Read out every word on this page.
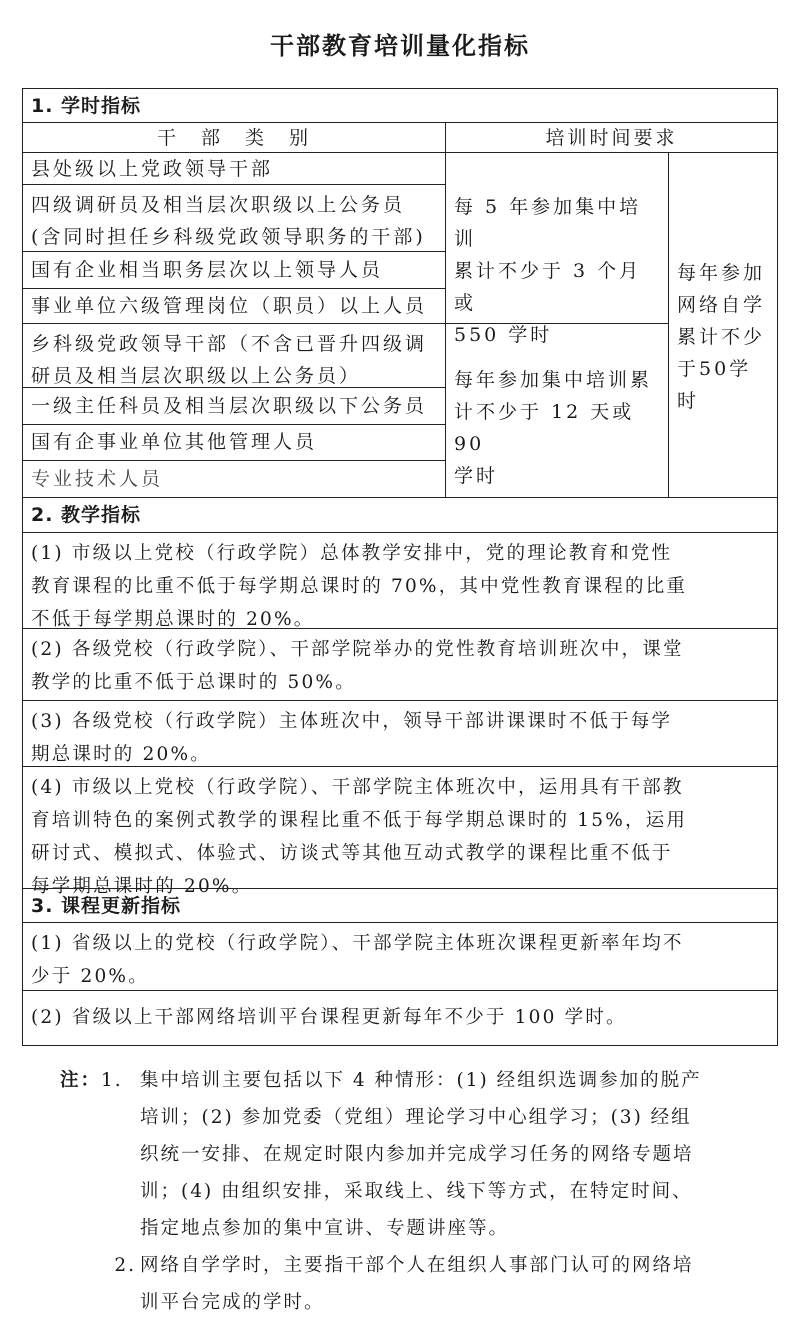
干部教育培训量化指标
1. 学时指标
干　部　类　别	培训时间要求
县处级以上党政领导干部
四级调研员及相当层次职级以上公务员
(含同时担任乡科级党政领导职务的干部)
国有企业相当职务层次以上领导人员
事业单位六级管理岗位（职员）以上人员
乡科级党政领导干部（不含已晋升四级调
研员及相当层次职级以上公务员）
一级主任科员及相当层次职级以下公务员
国有企事业单位其他管理人员
专业技术人员
每 5 年参加集中培训
累计不少于 3 个月或
550 学时
每年参加集中培训累
计不少于 12 天或 90
学时
每年参加
网络自学
累计不少
于50学时
2. 教学指标
(1) 市级以上党校（行政学院）总体教学安排中，党的理论教育和党性
教育课程的比重不低于每学期总课时的 70%，其中党性教育课程的比重
不低于每学期总课时的 20%。
(2) 各级党校（行政学院）、干部学院举办的党性教育培训班次中，课堂
教学的比重不低于总课时的 50%。
(3) 各级党校（行政学院）主体班次中，领导干部讲课课时不低于每学
期总课时的 20%。
(4) 市级以上党校（行政学院）、干部学院主体班次中，运用具有干部教
育培训特色的案例式教学的课程比重不低于每学期总课时的 15%，运用
研讨式、模拟式、体验式、访谈式等其他互动式教学的课程比重不低于
每学期总课时的 20%。
3. 课程更新指标
(1) 省级以上的党校（行政学院）、干部学院主体班次课程更新率年均不
少于 20%。
(2) 省级以上干部网络培训平台课程更新每年不少于 100 学时。
注：1. 集中培训主要包括以下 4 种情形：(1) 经组织选调参加的脱产
培训；(2) 参加党委（党组）理论学习中心组学习；(3) 经组
织统一安排、在规定时限内参加并完成学习任务的网络专题培
训；(4) 由组织安排，采取线上、线下等方式，在特定时间、
指定地点参加的集中宣讲、专题讲座等。
2. 网络自学学时，主要指干部个人在组织人事部门认可的网络培
训平台完成的学时。
